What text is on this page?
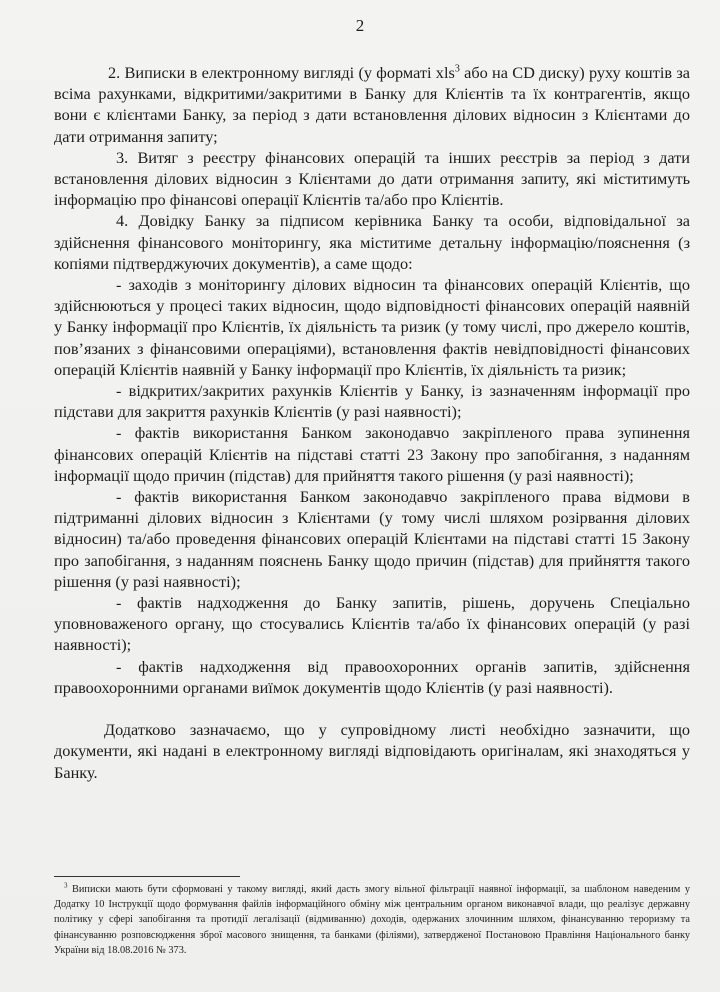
2

2. Виписки в електронному вигляді (у форматі xls$^3$ або на CD диску) руху коштів за всіма рахунками, відкритими/закритими в Банку для Клієнтів та їх контрагентів, якщо вони є клієнтами Банку, за період з дати встановлення ділових відносин з Клієнтами до дати отримання запиту;

3. Витяг з реєстру фінансових операцій та інших реєстрів за період з дати встановлення ділових відносин з Клієнтами до дати отримання запиту, які міститимуть інформацію про фінансові операції Клієнтів та/або про Клієнтів.

4. Довідку Банку за підписом керівника Банку та особи, відповідальної за здійснення фінансового моніторингу, яка міститиме детальну інформацію/пояснення (з копіями підтверджуючих документів), а саме щодо:

- заходів з моніторингу ділових відносин та фінансових операцій Клієнтів, що здійснюються у процесі таких відносин, щодо відповідності фінансових операцій наявній у Банку інформації про Клієнтів, їх діяльність та ризик (у тому числі, про джерело коштів, пов’язаних з фінансовими операціями), встановлення фактів невідповідності фінансових операцій Клієнтів наявній у Банку інформації про Клієнтів, їх діяльність та ризик;

- відкритих/закритих рахунків Клієнтів у Банку, із зазначенням інформації про підстави для закриття рахунків Клієнтів (у разі наявності);

- фактів використання Банком законодавчо закріпленого права зупинення фінансових операцій Клієнтів на підставі статті 23 Закону про запобігання, з наданням інформації щодо причин (підстав) для прийняття такого рішення (у разі наявності);

- фактів використання Банком законодавчо закріпленого права відмови в підтриманні ділових відносин з Клієнтами (у тому числі шляхом розірвання ділових відносин) та/або проведення фінансових операцій Клієнтами на підставі статті 15 Закону про запобігання, з наданням пояснень Банку щодо причин (підстав) для прийняття такого рішення (у разі наявності);

- фактів надходження до Банку запитів, рішень, доручень Спеціально уповноваженого органу, що стосувались Клієнтів та/або їх фінансових операцій (у разі наявності);

- фактів надходження від правоохоронних органів запитів, здійснення правоохоронними органами виїмок документів щодо Клієнтів (у разі наявності).

Додатково зазначаємо, що у супровідному листі необхідно зазначити, що документи, які надані в електронному вигляді відповідають оригіналам, які знаходяться у Банку.

$^3$ Виписки мають бути сформовані у такому вигляді, який дасть змогу вільної фільтрації наявної інформації, за шаблоном наведеним у Додатку 10 Інструкції щодо формування файлів інформаційного обміну між центральним органом виконавчої влади, що реалізує державну політику у сфері запобігання та протидії легалізації (відмиванню) доходів, одержаних злочинним шляхом, фінансуванню тероризму та фінансуванню розповсюдження зброї масового знищення, та банками (філіями), затвердженої Постановою Правління Національного банку України від 18.08.2016 № 373.
